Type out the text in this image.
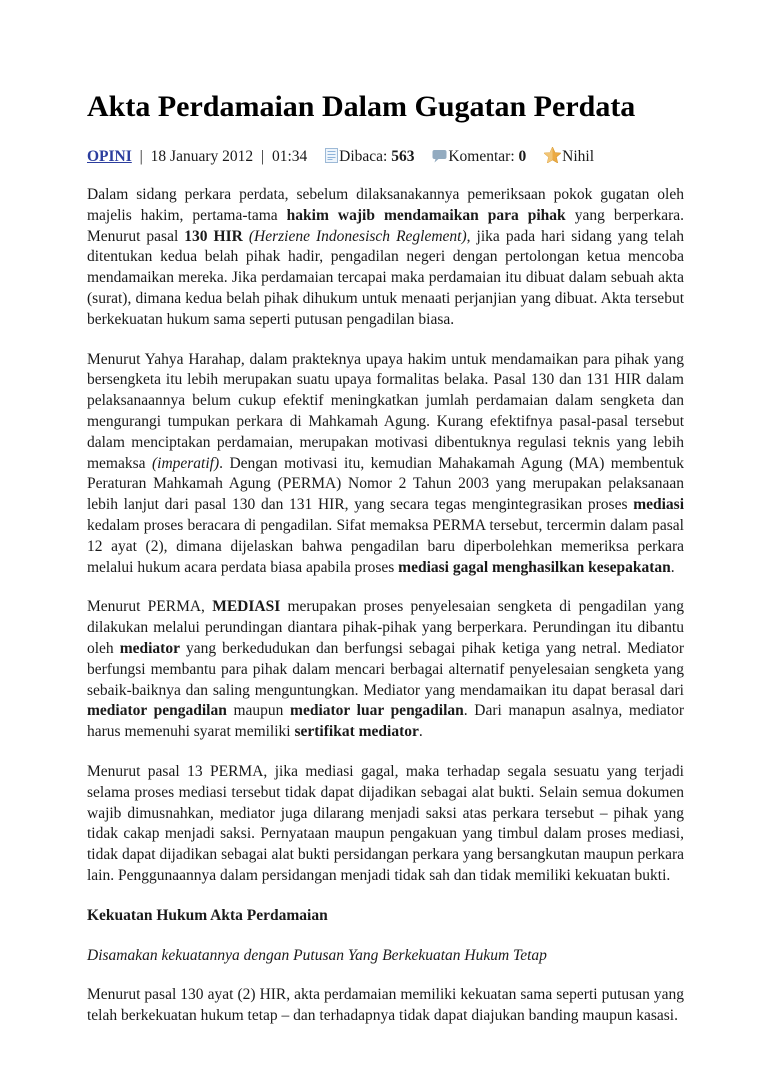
Akta Perdamaian Dalam Gugatan Perdata
OPINI | 18 January 2012 | 01:34 Dibaca: 563 Komentar: 0 Nihil

Dalam sidang perkara perdata, sebelum dilaksanakannya pemeriksaan pokok gugatan oleh majelis hakim, pertama-tama hakim wajib mendamaikan para pihak yang berperkara. Menurut pasal 130 HIR (Herziene Indonesisch Reglement), jika pada hari sidang yang telah ditentukan kedua belah pihak hadir, pengadilan negeri dengan pertolongan ketua mencoba mendamaikan mereka. Jika perdamaian tercapai maka perdamaian itu dibuat dalam sebuah akta (surat), dimana kedua belah pihak dihukum untuk menaati perjanjian yang dibuat. Akta tersebut berkekuatan hukum sama seperti putusan pengadilan biasa.

Menurut Yahya Harahap, dalam prakteknya upaya hakim untuk mendamaikan para pihak yang bersengketa itu lebih merupakan suatu upaya formalitas belaka. Pasal 130 dan 131 HIR dalam pelaksanaannya belum cukup efektif meningkatkan jumlah perdamaian dalam sengketa dan mengurangi tumpukan perkara di Mahkamah Agung. Kurang efektifnya pasal-pasal tersebut dalam menciptakan perdamaian, merupakan motivasi dibentuknya regulasi teknis yang lebih memaksa (imperatif). Dengan motivasi itu, kemudian Mahakamah Agung (MA) membentuk Peraturan Mahkamah Agung (PERMA) Nomor 2 Tahun 2003 yang merupakan pelaksanaan lebih lanjut dari pasal 130 dan 131 HIR, yang secara tegas mengintegrasikan proses mediasi kedalam proses beracara di pengadilan. Sifat memaksa PERMA tersebut, tercermin dalam pasal 12 ayat (2), dimana dijelaskan bahwa pengadilan baru diperbolehkan memeriksa perkara melalui hukum acara perdata biasa apabila proses mediasi gagal menghasilkan kesepakatan.

Menurut PERMA, MEDIASI merupakan proses penyelesaian sengketa di pengadilan yang dilakukan melalui perundingan diantara pihak-pihak yang berperkara. Perundingan itu dibantu oleh mediator yang berkedudukan dan berfungsi sebagai pihak ketiga yang netral. Mediator berfungsi membantu para pihak dalam mencari berbagai alternatif penyelesaian sengketa yang sebaik-baiknya dan saling menguntungkan. Mediator yang mendamaikan itu dapat berasal dari mediator pengadilan maupun mediator luar pengadilan. Dari manapun asalnya, mediator harus memenuhi syarat memiliki sertifikat mediator.

Menurut pasal 13 PERMA, jika mediasi gagal, maka terhadap segala sesuatu yang terjadi selama proses mediasi tersebut tidak dapat dijadikan sebagai alat bukti. Selain semua dokumen wajib dimusnahkan, mediator juga dilarang menjadi saksi atas perkara tersebut – pihak yang tidak cakap menjadi saksi. Pernyataan maupun pengakuan yang timbul dalam proses mediasi, tidak dapat dijadikan sebagai alat bukti persidangan perkara yang bersangkutan maupun perkara lain. Penggunaannya dalam persidangan menjadi tidak sah dan tidak memiliki kekuatan bukti.

Kekuatan Hukum Akta Perdamaian

Disamakan kekuatannya dengan Putusan Yang Berkekuatan Hukum Tetap

Menurut pasal 130 ayat (2) HIR, akta perdamaian memiliki kekuatan sama seperti putusan yang telah berkekuatan hukum tetap – dan terhadapnya tidak dapat diajukan banding maupun kasasi.
